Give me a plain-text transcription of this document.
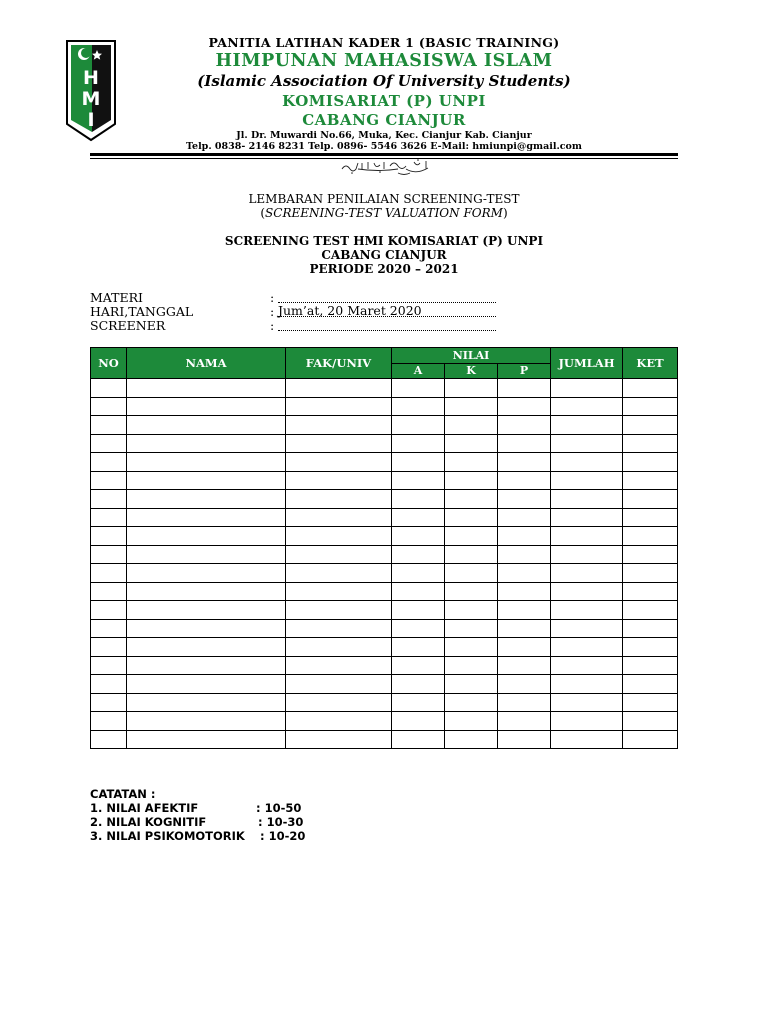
H
M
I
PANITIA LATIHAN KADER 1 (BASIC TRAINING)
HIMPUNAN MAHASISWA ISLAM
(Islamic Association Of University Students)
KOMISARIAT (P) UNPI
CABANG CIANJUR
Jl. Dr. Muwardi No.66, Muka, Kec. Cianjur Kab. Cianjur
Telp. 0838- 2146 8231 Telp. 0896- 5546 3626 E-Mail: hmiunpi@gmail.com
LEMBARAN PENILAIAN SCREENING-TEST
(SCREENING-TEST VALUATION FORM)
SCREENING TEST HMI KOMISARIAT (P) UNPI
CABANG CIANJUR
PERIODE 2020 – 2021
MATERI	:
HARI,TANGGAL	: Jum’at, 20 Maret 2020
SCREENER	:
NO	NAMA	FAK/UNIV	NILAI			JUMLAH	KET
			A	K	P		

CATATAN :
1. NILAI AFEKTIF	: 10-50
2. NILAI KOGNITIF	: 10-30
3. NILAI PSIKOMOTORIK : 10-20
